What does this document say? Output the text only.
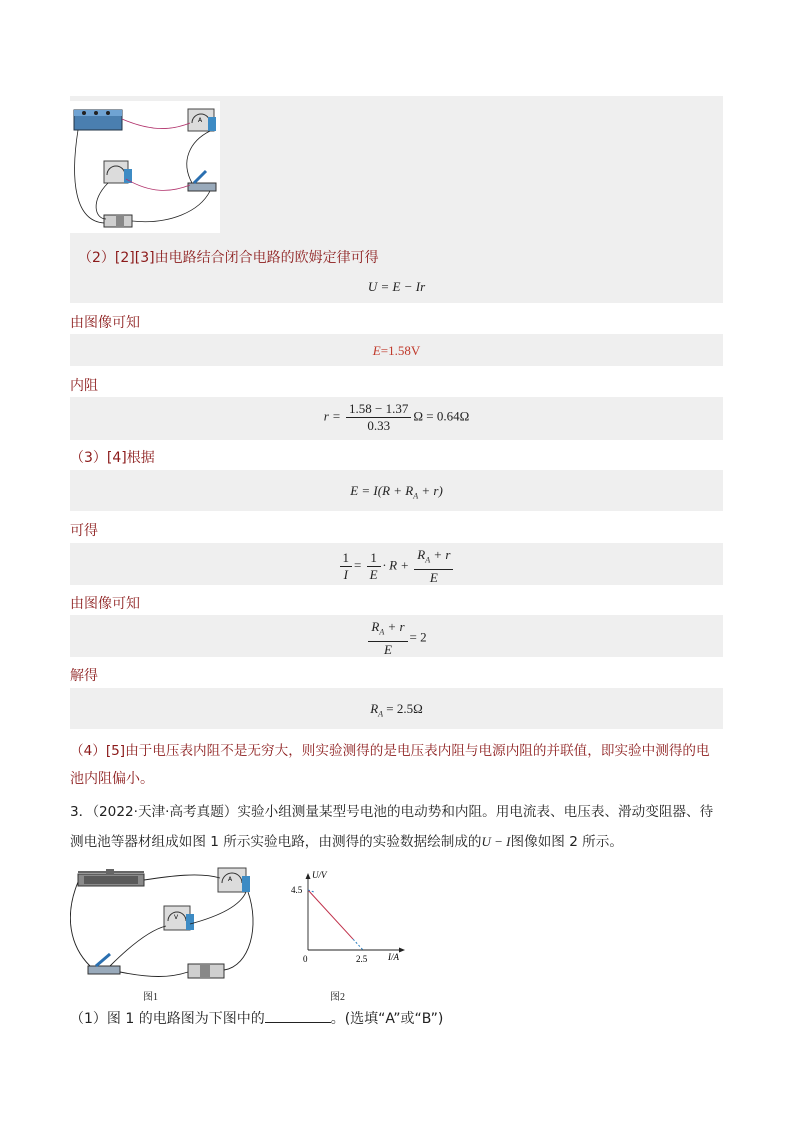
A
（2）[2][3]由电路结合闭合电路的欧姆定律可得
U = E − Ir
由图像可知
E=1.58V
内阻
$r = \frac{1.58 - 1.37}{0.33}$ Ω = 0.64Ω
（3）[4]根据
$E = I(R + R_A + r)$
可得
$\frac{1}{I} = \frac{1}{E} \cdot R + \frac{R_A + r}{E}$
由图像可知
$\frac{R_A + r}{E} = 2$
解得
$R_A = 2.5\Omega$
（4）[5]由于电压表内阻不是无穷大，则实验测得的是电压表内阻与电源内阻的并联值，即实验中测得的电
池内阻偏小。
3．（2022·天津·高考真题）实验小组测量某型号电池的电动势和内阻。用电流表、电压表、滑动变阻器、待
测电池等器材组成如图 1 所示实验电路，由测得的实验数据绘制成的U − I图像如图 2 所示。
A
V
图1
U/V
I/A
0
4.5
2.5
图2
（1）图 1 的电路图为下图中的	。(选填“A”或“B”)
